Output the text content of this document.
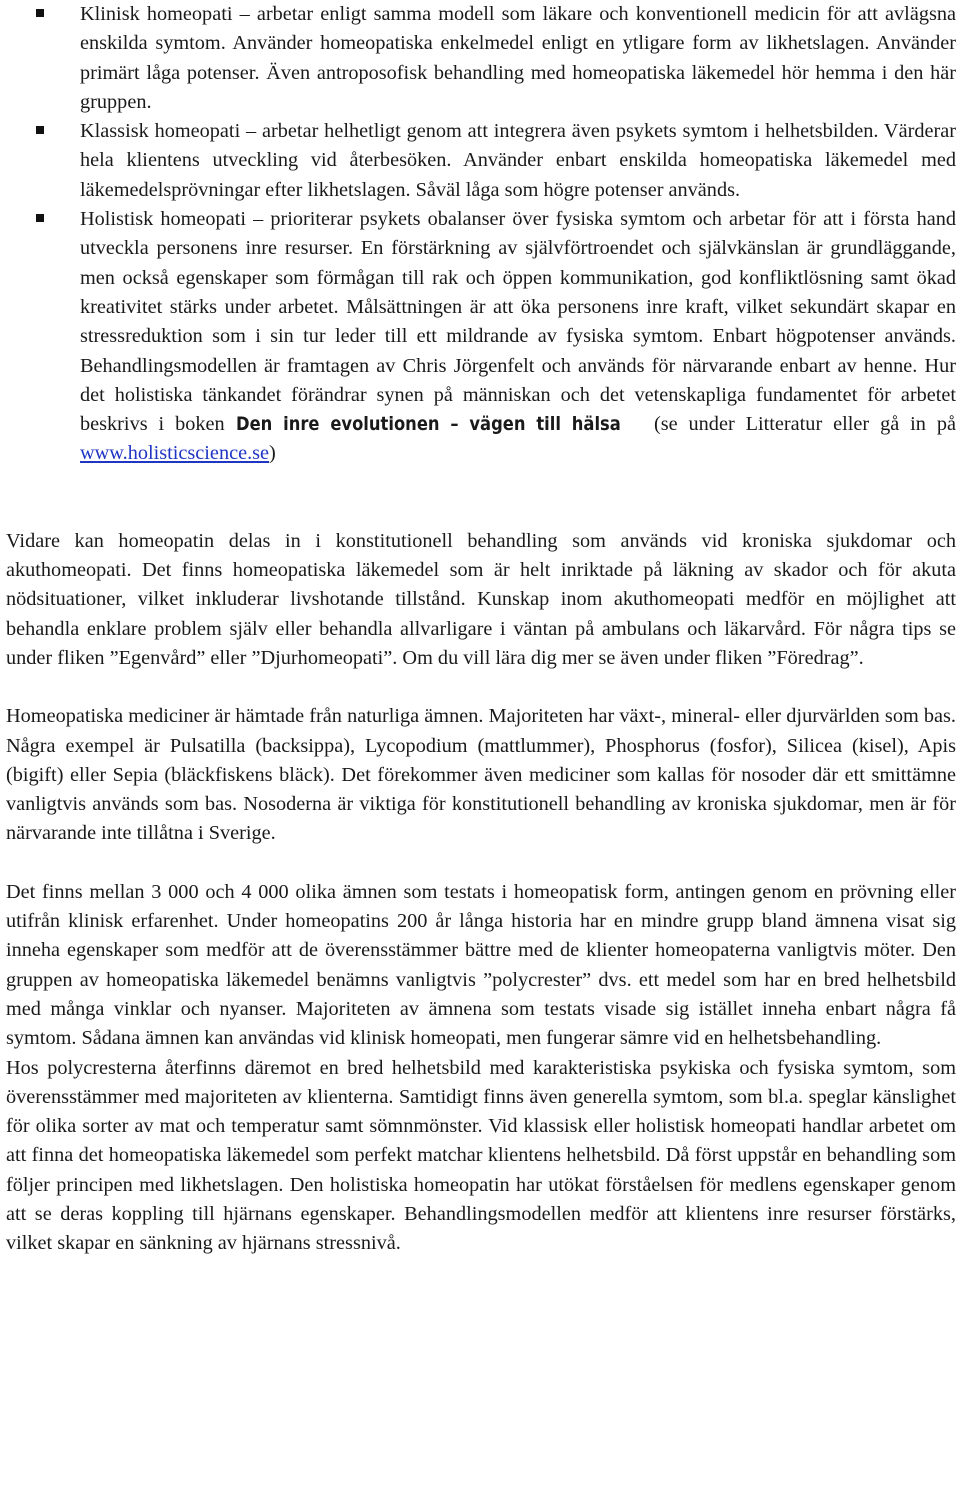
Klinisk homeopati – arbetar enligt samma modell som läkare och konventionell medicin för att avlägsna enskilda symtom. Använder homeopatiska enkelmedel enligt en ytligare form av likhetslagen. Använder primärt låga potenser. Även antroposofisk behandling med homeopatiska läkemedel hör hemma i den här gruppen.
Klassisk homeopati – arbetar helhetligt genom att integrera även psykets symtom i helhetsbilden. Värderar hela klientens utveckling vid återbesöken. Använder enbart enskilda homeopatiska läkemedel med läkemedelsprövningar efter likhetslagen. Såväl låga som högre potenser används.
Holistisk homeopati – prioriterar psykets obalanser över fysiska symtom och arbetar för att i första hand utveckla personens inre resurser. En förstärkning av självförtroendet och självkänslan är grundläggande, men också egenskaper som förmågan till rak och öppen kommunikation, god konfliktlösning samt ökad kreativitet stärks under arbetet. Målsättningen är att öka personens inre kraft, vilket sekundärt skapar en stressreduktion som i sin tur leder till ett mildrande av fysiska symtom. Enbart högpotenser används. Behandlingsmodellen är framtagen av Chris Jörgenfelt och används för närvarande enbart av henne. Hur det holistiska tänkandet förändrar synen på människan och det vetenskapliga fundamentet för arbetet beskrivs i boken Den inre evolutionen – vägen till hälsa (se under Litteratur eller gå in på www.holisticscience.se)

Vidare kan homeopatin delas in i konstitutionell behandling som används vid kroniska sjukdomar och akuthomeopati. Det finns homeopatiska läkemedel som är helt inriktade på läkning av skador och för akuta nödsituationer, vilket inkluderar livshotande tillstånd. Kunskap inom akuthomeopati medför en möjlighet att behandla enklare problem själv eller behandla allvarligare i väntan på ambulans och läkarvård. För några tips se under fliken ”Egenvård” eller ”Djurhomeopati”. Om du vill lära dig mer se även under fliken ”Föredrag”.

Homeopatiska mediciner är hämtade från naturliga ämnen. Majoriteten har växt-, mineral- eller djurvärlden som bas. Några exempel är Pulsatilla (backsippa), Lycopodium (mattlummer), Phosphorus (fosfor), Silicea (kisel), Apis (bigift) eller Sepia (bläckfiskens bläck). Det förekommer även mediciner som kallas för nosoder där ett smittämne vanligtvis används som bas. Nosoderna är viktiga för konstitutionell behandling av kroniska sjukdomar, men är för närvarande inte tillåtna i Sverige.

Det finns mellan 3 000 och 4 000 olika ämnen som testats i homeopatisk form, antingen genom en prövning eller utifrån klinisk erfarenhet. Under homeopatins 200 år långa historia har en mindre grupp bland ämnena visat sig inneha egenskaper som medför att de överensstämmer bättre med de klienter homeopaterna vanligtvis möter. Den gruppen av homeopatiska läkemedel benämns vanligtvis ”polycrester” dvs. ett medel som har en bred helhetsbild med många vinklar och nyanser. Majoriteten av ämnena som testats visade sig istället inneha enbart några få symtom. Sådana ämnen kan användas vid klinisk homeopati, men fungerar sämre vid en helhetsbehandling.

Hos polycresterna återfinns däremot en bred helhetsbild med karakteristiska psykiska och fysiska symtom, som överensstämmer med majoriteten av klienterna. Samtidigt finns även generella symtom, som bl.a. speglar känslighet för olika sorter av mat och temperatur samt sömnmönster. Vid klassisk eller holistisk homeopati handlar arbetet om att finna det homeopatiska läkemedel som perfekt matchar klientens helhetsbild. Då först uppstår en behandling som följer principen med likhetslagen. Den holistiska homeopatin har utökat förståelsen för medlens egenskaper genom att se deras koppling till hjärnans egenskaper. Behandlingsmodellen medför att klientens inre resurser förstärks, vilket skapar en sänkning av hjärnans stressnivå.
